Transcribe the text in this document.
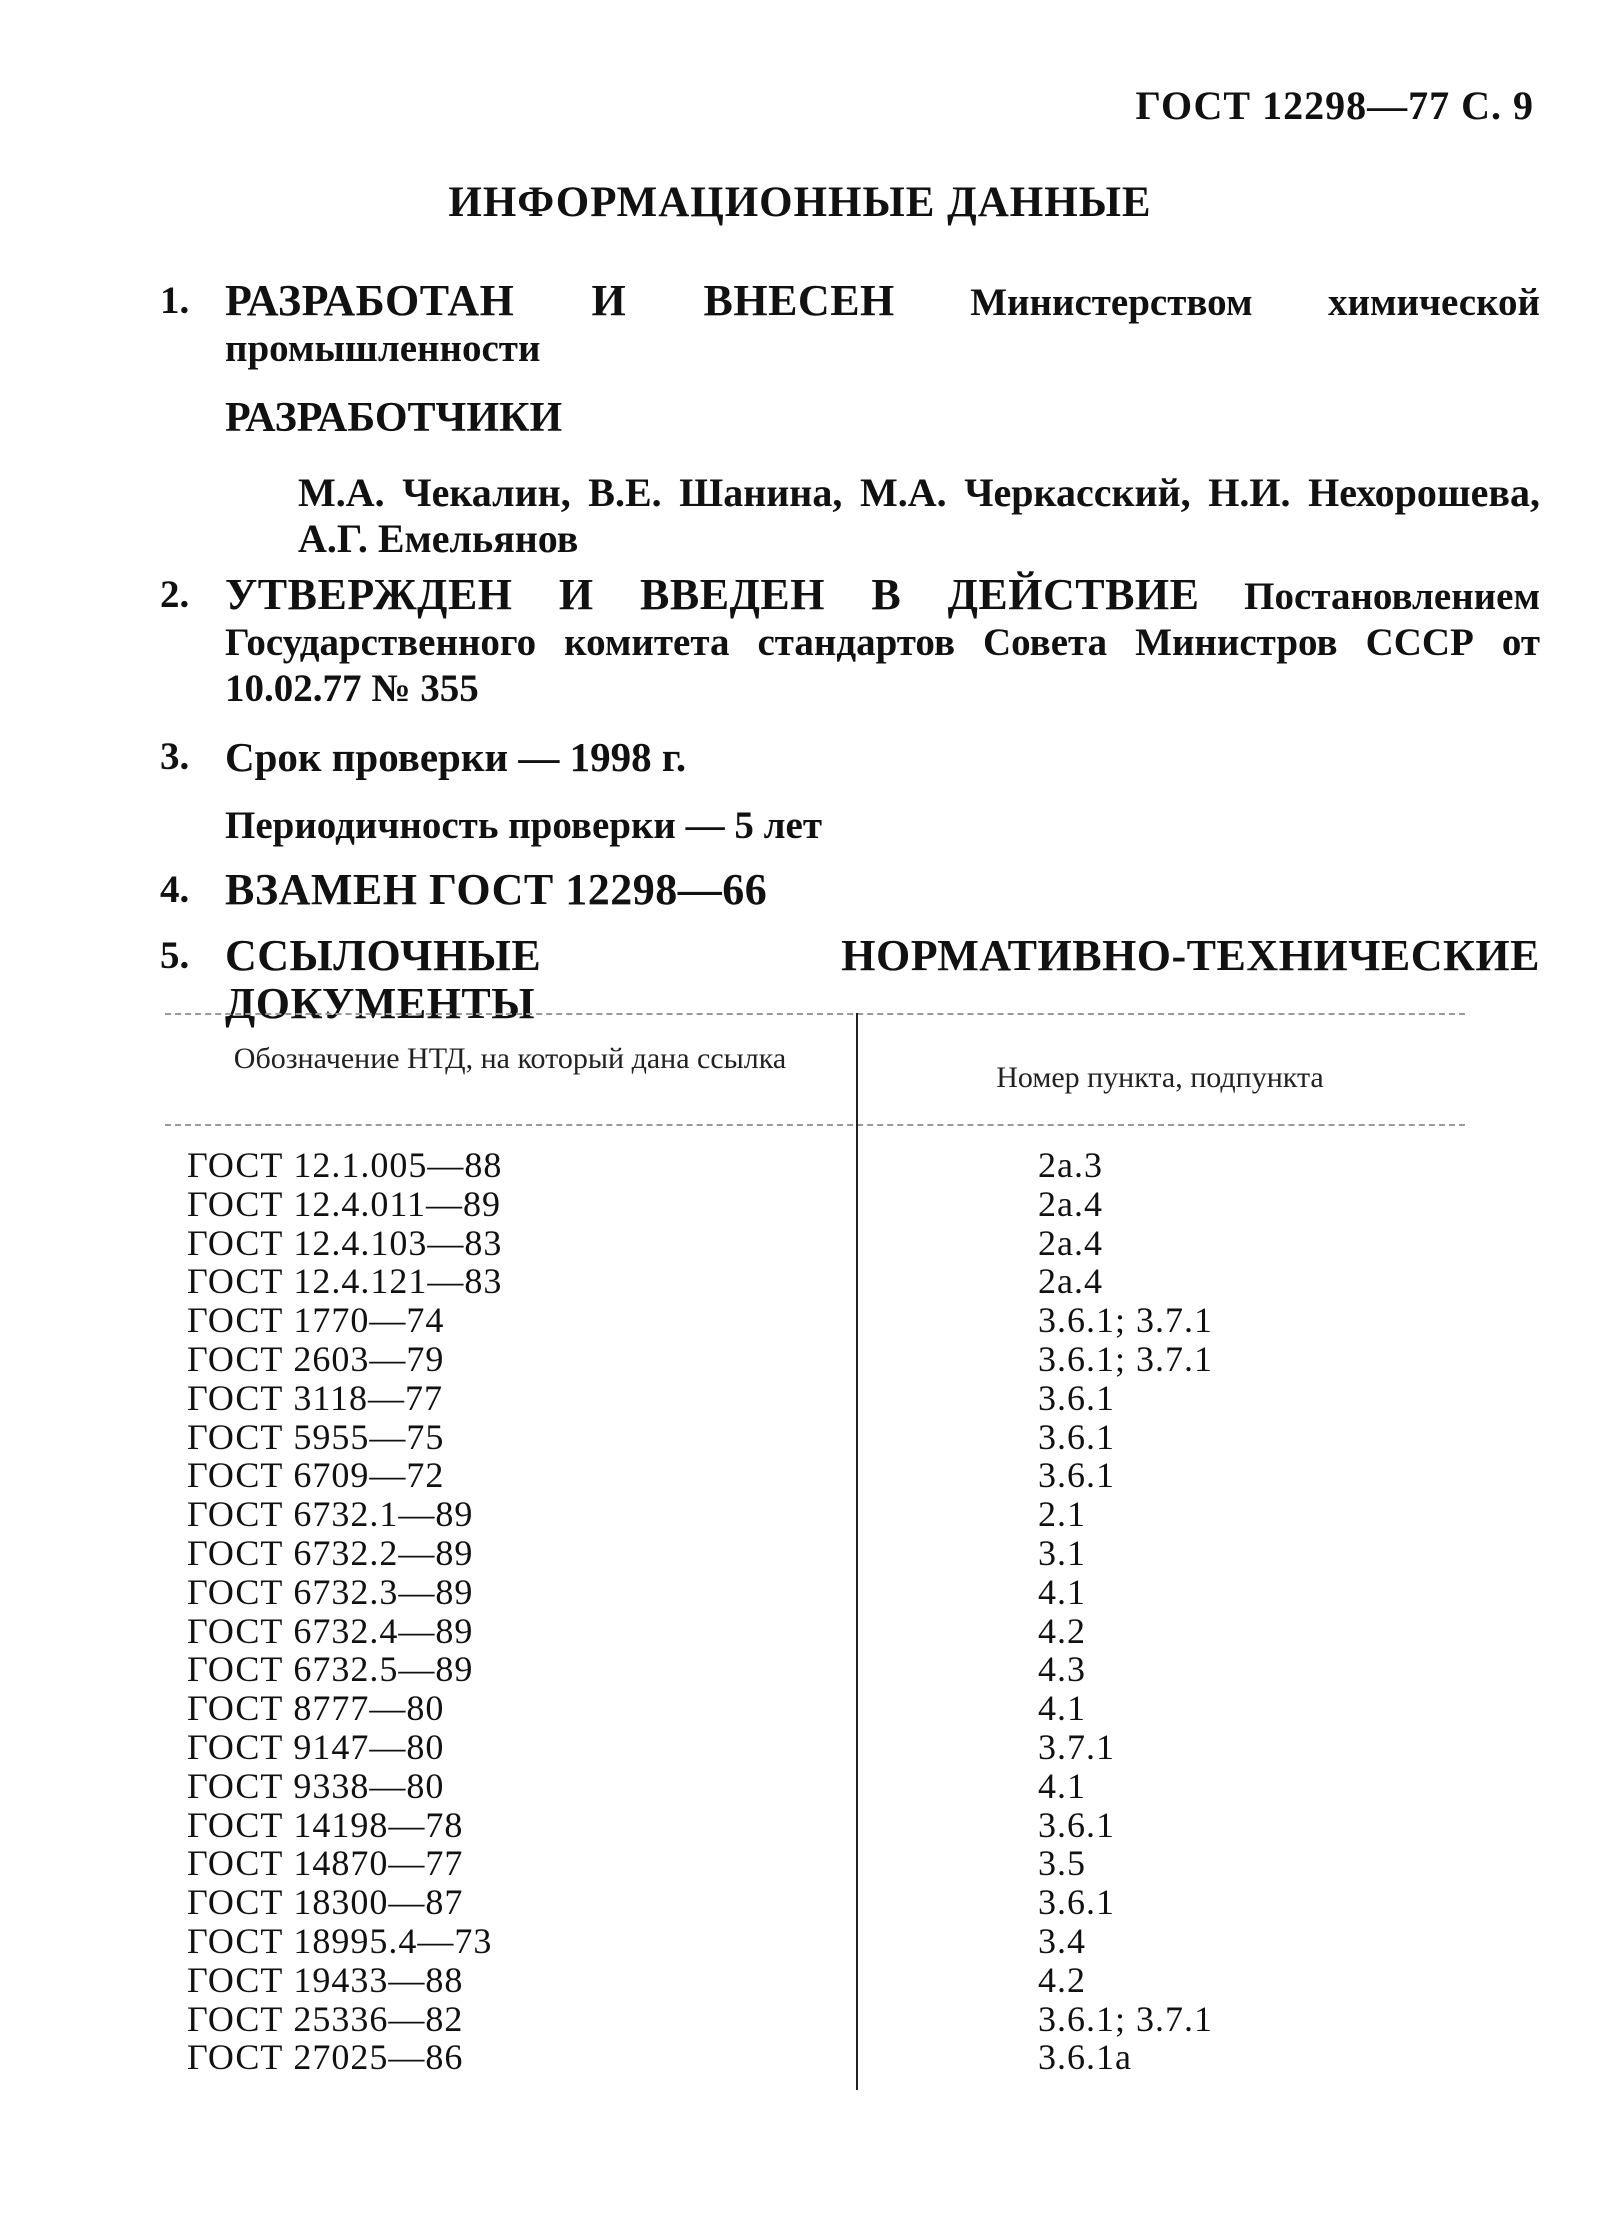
ГОСТ 12298—77 С. 9
ИНФОРМАЦИОННЫЕ ДАННЫЕ
1. РАЗРАБОТАН И ВНЕСЕН Министерством химической промышленности
РАЗРАБОТЧИКИ
М.А. Чекалин, В.Е. Шанина, М.А. Черкасский, Н.И. Нехорошева, А.Г. Емельянов
2. УТВЕРЖДЕН И ВВЕДЕН В ДЕЙСТВИЕ Постановлением Государственного комитета стандартов Совета Министров СССР от 10.02.77 № 355
3. Срок проверки — 1998 г.
Периодичность проверки — 5 лет
4. ВЗАМЕН ГОСТ 12298—66
5. ССЫЛОЧНЫЕ НОРМАТИВНО-ТЕХНИЧЕСКИЕ ДОКУМЕНТЫ
Обозначение НТД, на который дана ссылка
Номер пункта, подпункта
ГОСТ 12.1.005—88
ГОСТ 12.4.011—89
ГОСТ 12.4.103—83
ГОСТ 12.4.121—83
ГОСТ 1770—74
ГОСТ 2603—79
ГОСТ 3118—77
ГОСТ 5955—75
ГОСТ 6709—72
ГОСТ 6732.1—89
ГОСТ 6732.2—89
ГОСТ 6732.3—89
ГОСТ 6732.4—89
ГОСТ 6732.5—89
ГОСТ 8777—80
ГОСТ 9147—80
ГОСТ 9338—80
ГОСТ 14198—78
ГОСТ 14870—77
ГОСТ 18300—87
ГОСТ 18995.4—73
ГОСТ 19433—88
ГОСТ 25336—82
ГОСТ 27025—86
2а.3
2а.4
2а.4
2а.4
3.6.1; 3.7.1
3.6.1; 3.7.1
3.6.1
3.6.1
3.6.1
2.1
3.1
4.1
4.2
4.3
4.1
3.7.1
4.1
3.6.1
3.5
3.6.1
3.4
4.2
3.6.1; 3.7.1
3.6.1а
